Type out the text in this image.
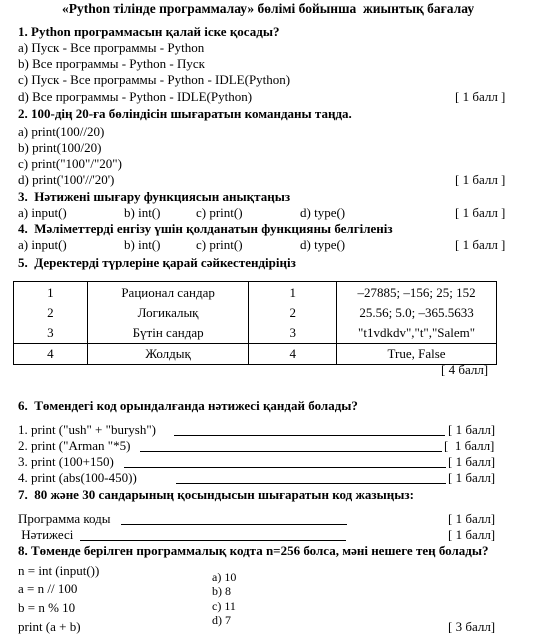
«Python тілінде программалау» бөлімі бойынша  жиынтық бағалау
1. Python программасын қалай іске қосады?
a) Пуск - Все программы - Python
b) Все программы - Python - Пуск
c) Пуск - Все программы - Python - IDLE(Python)
d) Все программы - Python - IDLE(Python)	[ 1 балл ]
2. 100-дің 20-ға бөліндісін шығаратын команданы таңда.
a) print(100//20)
b) print(100/20)
c) print("100"/"20")
d) print('100'//'20')	[ 1 балл ]
3.  Нәтижені шығару функциясын анықтаңыз
a) input()	b) int()	c) print()	d) type()	[ 1 балл ]
4.  Мәліметтерді енгізу үшін қолданатын функцияны белгіленіз
a) input()	b) int()	c) print()	d) type()	[ 1 балл ]
5.  Деректерді түрлеріне қарай сәйкестендіріңіз
1	Рационал сандар	1	–27885; –156; 25; 152
2	Логикалық	2	25.56; 5.0; –365.5633
3	Бүтін сандар	3	"t1vdkdv","t","Salem"
4	Жолдық	4	True, False
[ 4 балл]
6.  Төмендегі код орындалғанда нәтижесі қандай болады?
1. print ("ush" + "burysh")	[ 1 балл]
2. print ("Arman "*5)	[  1 балл]
3. print (100+150)	[ 1 балл]
4. print (abs(100-450))	[ 1 балл]
7.  80 және 30 сандарының қосындысын шығаратын код жазыңыз:
Программа коды	[ 1 балл]
Нәтижесі	[ 1 балл]
8. Төменде берілген программалық кодта n=256 болса, мәні нешеге тең болады?
n = int (input())
a = n // 100
b = n % 10
print (a + b)
a) 10
b) 8
c) 11
d) 7	[ 3 балл]
